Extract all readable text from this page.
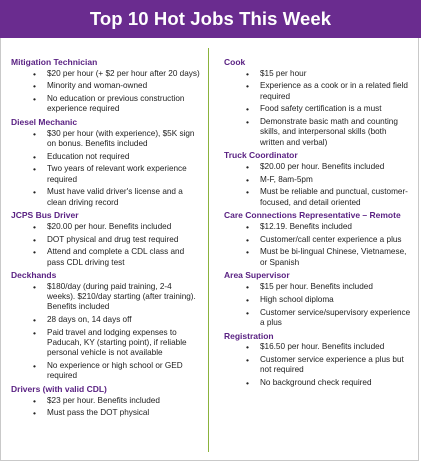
Top 10 Hot Jobs This Week

Mitigation Technician

• $20 per hour (+ $2 per hour after 20 days)
• Minority and woman-owned
• No education or previous construction experience required

Diesel Mechanic

• $30 per hour (with experience), $5K sign on bonus. Benefits included
• Education not required
• Two years of relevant work experience required
• Must have valid driver's license and a clean driving record

JCPS Bus Driver

• $20.00 per hour. Benefits included
• DOT physical and drug test required
• Attend and complete a CDL class and pass CDL driving test

Deckhands

• $180/day (during paid training, 2-4 weeks). $210/day starting (after training). Benefits included
• 28 days on, 14 days off
• Paid travel and lodging expenses to Paducah, KY (starting point), if reliable personal vehicle is not available
• No experience or high school or GED required

Drivers (with valid CDL)

• $23 per hour. Benefits included
• Must pass the DOT physical

Cook

• $15 per hour
• Experience as a cook or in a related field required
• Food safety certification is a must
• Demonstrate basic math and counting skills, and interpersonal skills (both written and verbal)

Truck Coordinator

• $20.00 per hour. Benefits included
• M-F, 8am-5pm
• Must be reliable and punctual, customer-focused, and detail oriented

Care Connections Representative – Remote

• $12.19. Benefits included
• Customer/call center experience a plus
• Must be bi-lingual Chinese, Vietnamese, or Spanish

Area Supervisor

• $15 per hour. Benefits included
• High school diploma
• Customer service/supervisory experience a plus

Registration

• $16.50 per hour. Benefits included
• Customer service experience a plus but not required
• No background check required
